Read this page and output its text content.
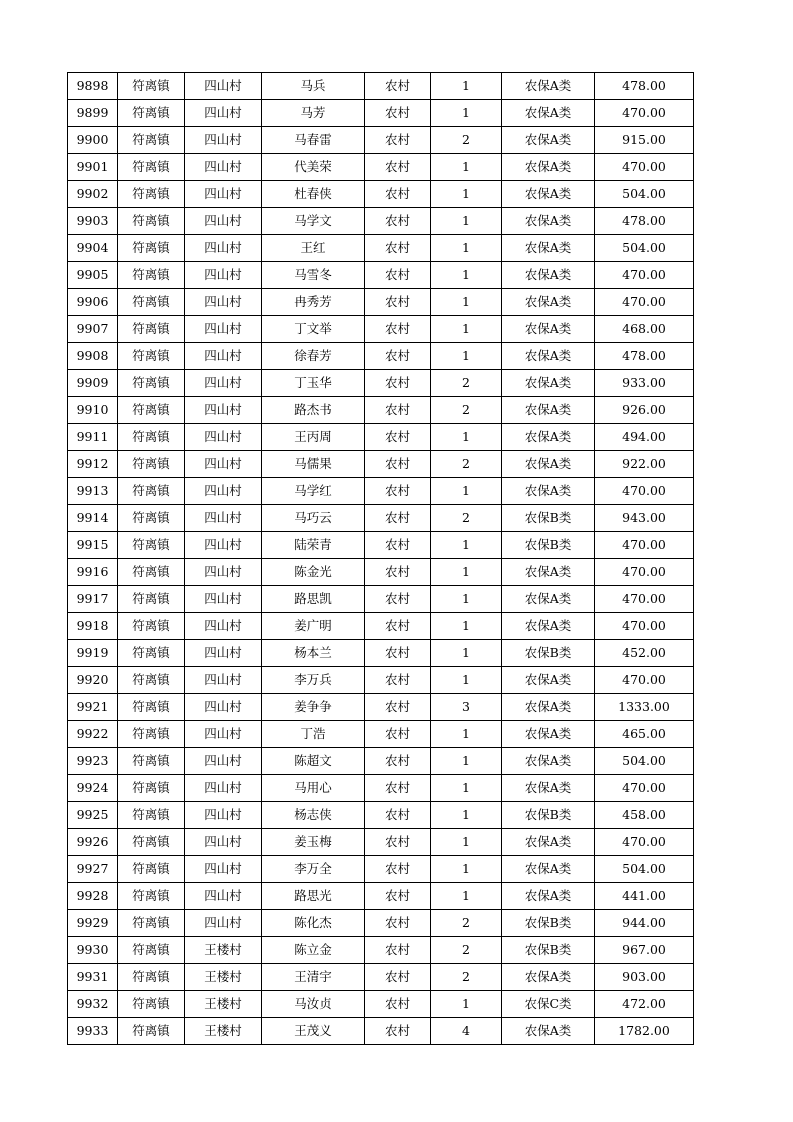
9898	符离镇	四山村	马兵	农村	1	农保A类	478.00
9899	符离镇	四山村	马芳	农村	1	农保A类	470.00
9900	符离镇	四山村	马春雷	农村	2	农保A类	915.00
9901	符离镇	四山村	代美荣	农村	1	农保A类	470.00
9902	符离镇	四山村	杜春侠	农村	1	农保A类	504.00
9903	符离镇	四山村	马学文	农村	1	农保A类	478.00
9904	符离镇	四山村	王红	农村	1	农保A类	504.00
9905	符离镇	四山村	马雪冬	农村	1	农保A类	470.00
9906	符离镇	四山村	冉秀芳	农村	1	农保A类	470.00
9907	符离镇	四山村	丁文举	农村	1	农保A类	468.00
9908	符离镇	四山村	徐春芳	农村	1	农保A类	478.00
9909	符离镇	四山村	丁玉华	农村	2	农保A类	933.00
9910	符离镇	四山村	路杰书	农村	2	农保A类	926.00
9911	符离镇	四山村	王丙周	农村	1	农保A类	494.00
9912	符离镇	四山村	马儒果	农村	2	农保A类	922.00
9913	符离镇	四山村	马学红	农村	1	农保A类	470.00
9914	符离镇	四山村	马巧云	农村	2	农保B类	943.00
9915	符离镇	四山村	陆荣青	农村	1	农保B类	470.00
9916	符离镇	四山村	陈金光	农村	1	农保A类	470.00
9917	符离镇	四山村	路思凯	农村	1	农保A类	470.00
9918	符离镇	四山村	姜广明	农村	1	农保A类	470.00
9919	符离镇	四山村	杨本兰	农村	1	农保B类	452.00
9920	符离镇	四山村	李万兵	农村	1	农保A类	470.00
9921	符离镇	四山村	姜争争	农村	3	农保A类	1333.00
9922	符离镇	四山村	丁浩	农村	1	农保A类	465.00
9923	符离镇	四山村	陈超文	农村	1	农保A类	504.00
9924	符离镇	四山村	马用心	农村	1	农保A类	470.00
9925	符离镇	四山村	杨志侠	农村	1	农保B类	458.00
9926	符离镇	四山村	姜玉梅	农村	1	农保A类	470.00
9927	符离镇	四山村	李万全	农村	1	农保A类	504.00
9928	符离镇	四山村	路思光	农村	1	农保A类	441.00
9929	符离镇	四山村	陈化杰	农村	2	农保B类	944.00
9930	符离镇	王楼村	陈立金	农村	2	农保B类	967.00
9931	符离镇	王楼村	王清宇	农村	2	农保A类	903.00
9932	符离镇	王楼村	马汝贞	农村	1	农保C类	472.00
9933	符离镇	王楼村	王茂义	农村	4	农保A类	1782.00
